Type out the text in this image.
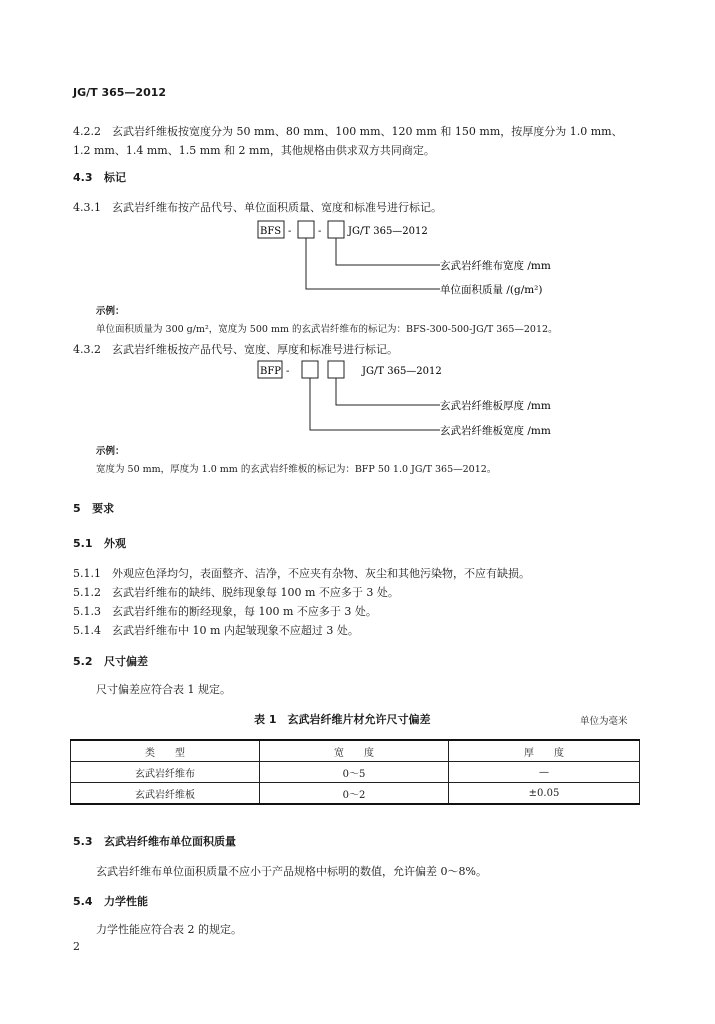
JG/T 365—2012
4.2.2　玄武岩纤维板按宽度分为 50 mm、80 mm、100 mm、120 mm 和 150 mm，按厚度分为 1.0 mm、
1.2 mm、1.4 mm、1.5 mm 和 2 mm，其他规格由供求双方共同商定。
4.3 标记
4.3.1　玄武岩纤维布按产品代号、单位面积质量、宽度和标准号进行标记。
BFS -	-	JG/T 365—2012
玄武岩纤维布宽度 /mm
单位面积质量 /(g/m²)
示例：
单位面积质量为 300 g/m²，宽度为 500 mm 的玄武岩纤维布的标记为：BFS-300-500-JG/T 365—2012。
4.3.2　玄武岩纤维板按产品代号、宽度、厚度和标准号进行标记。
BFP -	JG/T 365—2012
玄武岩纤维板厚度 /mm
玄武岩纤维板宽度 /mm
示例：
宽度为 50 mm，厚度为 1.0 mm 的玄武岩纤维板的标记为：BFP 50 1.0 JG/T 365—2012。
5 要求
5.1 外观
5.1.1　外观应色泽均匀，表面整齐、洁净，不应夹有杂物、灰尘和其他污染物，不应有缺损。
5.1.2　玄武岩纤维布的缺纬、脱纬现象每 100 m 不应多于 3 处。
5.1.3　玄武岩纤维布的断经现象，每 100 m 不应多于 3 处。
5.1.4　玄武岩纤维布中 10 m 内起皱现象不应超过 3 处。
5.2 尺寸偏差
尺寸偏差应符合表 1 规定。
表 1　玄武岩纤维片材允许尺寸偏差	单位为毫米
类　　型	宽　　度	厚　　度
玄武岩纤维布	0～5	—
玄武岩纤维板	0～2	±0.05
5.3 玄武岩纤维布单位面积质量
玄武岩纤维布单位面积质量不应小于产品规格中标明的数值，允许偏差 0～8%。
5.4 力学性能
力学性能应符合表 2 的规定。
2
